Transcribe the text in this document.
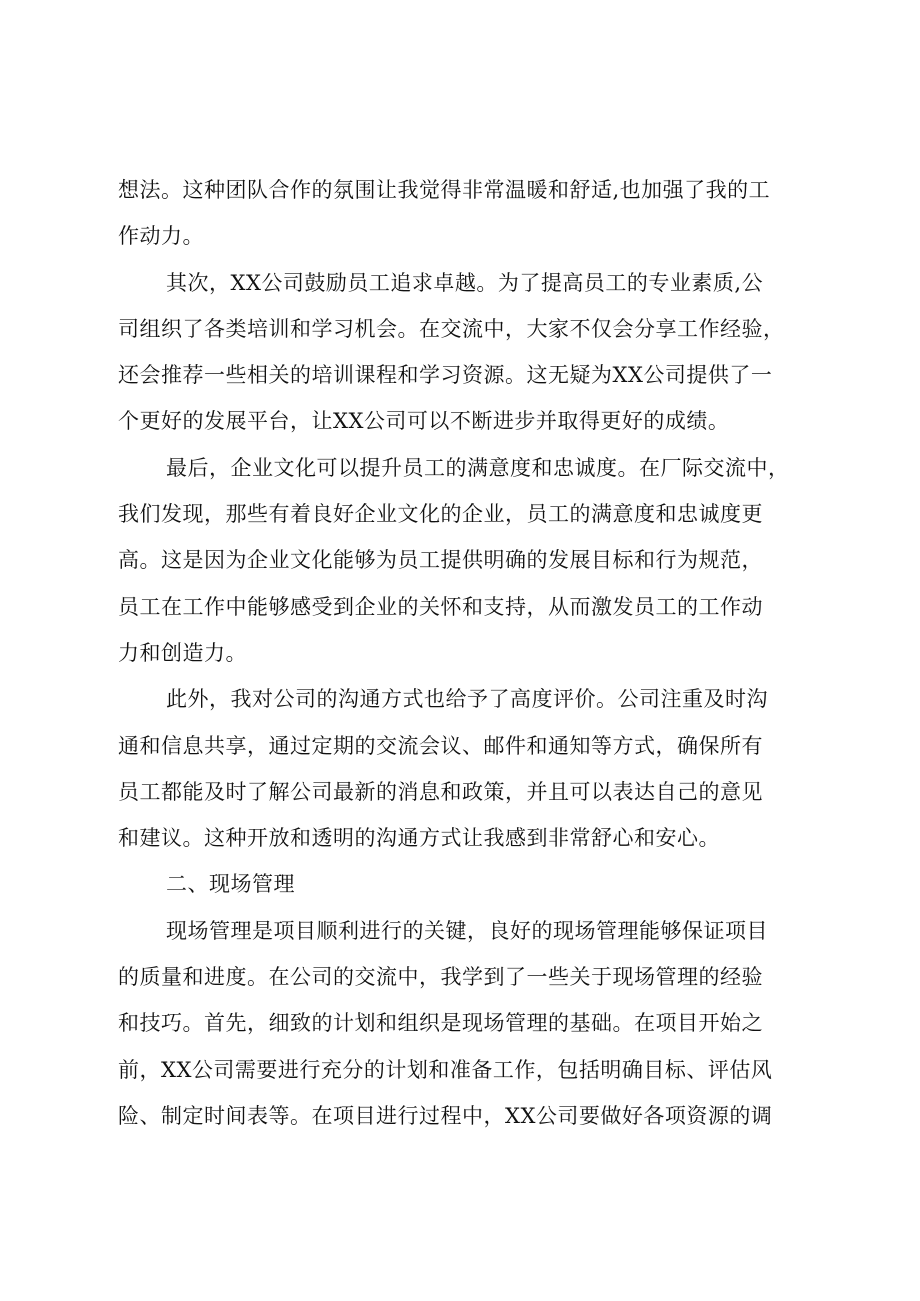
想法。这种团队合作的氛围让我觉得非常温暖和舒适,也加强了我的工
作动力。
其次，XX公司鼓励员工追求卓越。为了提高员工的专业素质,公
司组织了各类培训和学习机会。在交流中，大家不仅会分享工作经验，
还会推荐一些相关的培训课程和学习资源。这无疑为XX公司提供了一
个更好的发展平台，让XX公司可以不断进步并取得更好的成绩。
最后，企业文化可以提升员工的满意度和忠诚度。在厂际交流中，
我们发现，那些有着良好企业文化的企业，员工的满意度和忠诚度更
高。这是因为企业文化能够为员工提供明确的发展目标和行为规范，
员工在工作中能够感受到企业的关怀和支持，从而激发员工的工作动
力和创造力。
此外，我对公司的沟通方式也给予了高度评价。公司注重及时沟
通和信息共享，通过定期的交流会议、邮件和通知等方式，确保所有
员工都能及时了解公司最新的消息和政策，并且可以表达自己的意见
和建议。这种开放和透明的沟通方式让我感到非常舒心和安心。
二、现场管理
现场管理是项目顺利进行的关键，良好的现场管理能够保证项目
的质量和进度。在公司的交流中，我学到了一些关于现场管理的经验
和技巧。首先，细致的计划和组织是现场管理的基础。在项目开始之
前，XX公司需要进行充分的计划和准备工作，包括明确目标、评估风
险、制定时间表等。在项目进行过程中，XX公司要做好各项资源的调
